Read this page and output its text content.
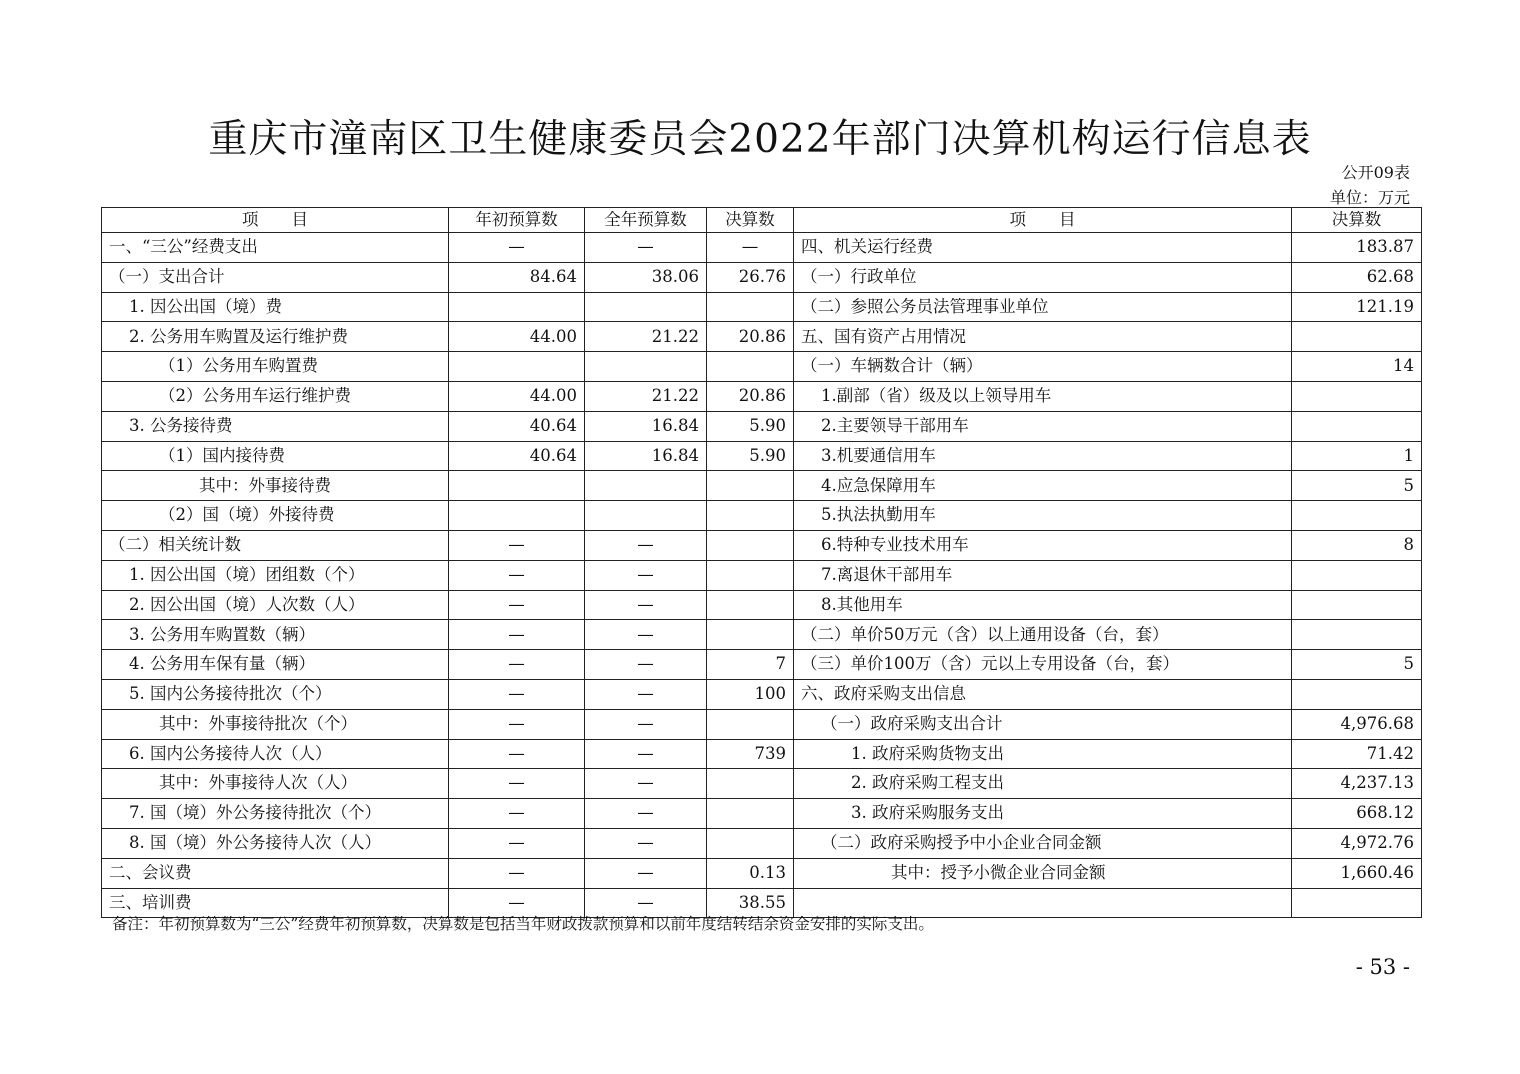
重庆市潼南区卫生健康委员会2022年部门决算机构运行信息表
公开09表
单位：万元
项　　目	年初预算数	全年预算数	决算数	项　　目	决算数
一、“三公”经费支出	—	—	—	四、机关运行经费	183.87
（一）支出合计	84.64	38.06	26.76	（一）行政单位	62.68
1. 因公出国（境）费				（二）参照公务员法管理事业单位	121.19
2. 公务用车购置及运行维护费	44.00	21.22	20.86	五、国有资产占用情况	
（1）公务用车购置费				（一）车辆数合计（辆）	14
（2）公务用车运行维护费	44.00	21.22	20.86	1.副部（省）级及以上领导用车	
3. 公务接待费	40.64	16.84	5.90	2.主要领导干部用车	
（1）国内接待费	40.64	16.84	5.90	3.机要通信用车	1
其中：外事接待费				4.应急保障用车	5
（2）国（境）外接待费				5.执法执勤用车	
（二）相关统计数	—	—		6.特种专业技术用车	8
1. 因公出国（境）团组数（个）	—	—		7.离退休干部用车	
2. 因公出国（境）人次数（人）	—	—		8.其他用车	
3. 公务用车购置数（辆）	—	—		（二）单价50万元（含）以上通用设备（台，套）	
4. 公务用车保有量（辆）	—	—	7	（三）单价100万（含）元以上专用设备（台，套）	5
5. 国内公务接待批次（个）	—	—	100	六、政府采购支出信息	
其中：外事接待批次（个）	—	—		（一）政府采购支出合计	4,976.68
6. 国内公务接待人次（人）	—	—	739	1. 政府采购货物支出	71.42
其中：外事接待人次（人）	—	—		2. 政府采购工程支出	4,237.13
7. 国（境）外公务接待批次（个）	—	—		3. 政府采购服务支出	668.12
8. 国（境）外公务接待人次（人）	—	—		（二）政府采购授予中小企业合同金额	4,972.76
二、会议费	—	—	0.13	其中：授予小微企业合同金额	1,660.46
三、培训费	—	—	38.55		
备注：年初预算数为“三公”经费年初预算数，决算数是包括当年财政拨款预算和以前年度结转结余资金安排的实际支出。
- 53 -
